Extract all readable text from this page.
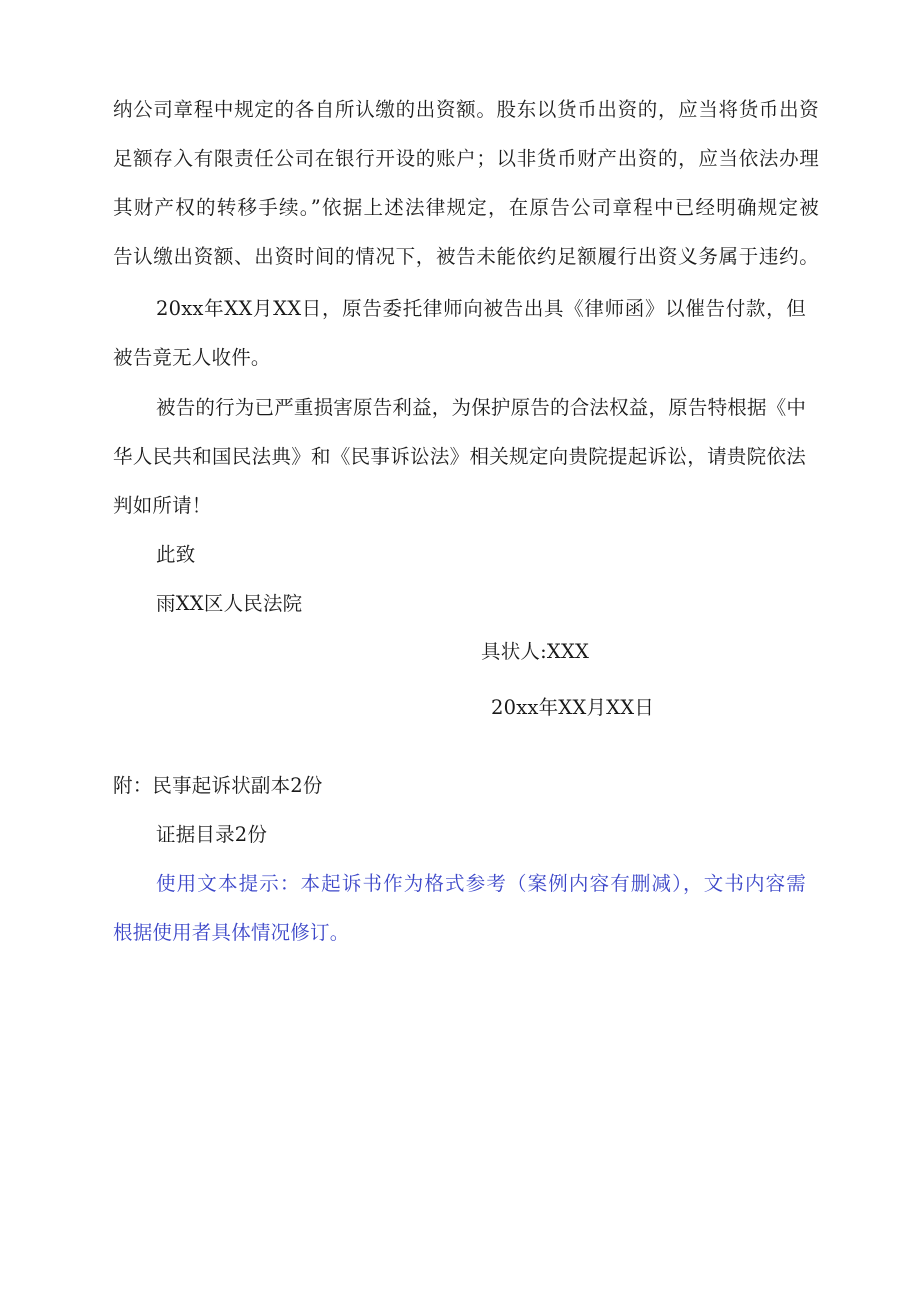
纳公司章程中规定的各自所认缴的出资额。股东以货币出资的，应当将货币出资
足额存入有限责任公司在银行开设的账户；以非货币财产出资的，应当依法办理
其财产权的转移手续。”依据上述法律规定，在原告公司章程中已经明确规定被
告认缴出资额、出资时间的情况下，被告未能依约足额履行出资义务属于违约。
20xx年XX月XX日，原告委托律师向被告出具《律师函》以催告付款，但
被告竟无人收件。
被告的行为已严重损害原告利益，为保护原告的合法权益，原告特根据《中
华人民共和国民法典》和《民事诉讼法》相关规定向贵院提起诉讼，请贵院依法
判如所请！
此致
雨XX区人民法院
具状人:XXX
20xx年XX月XX日
附：民事起诉状副本2份
证据目录2份
使用文本提示：本起诉书作为格式参考（案例内容有删减），文书内容需
根据使用者具体情况修订。
